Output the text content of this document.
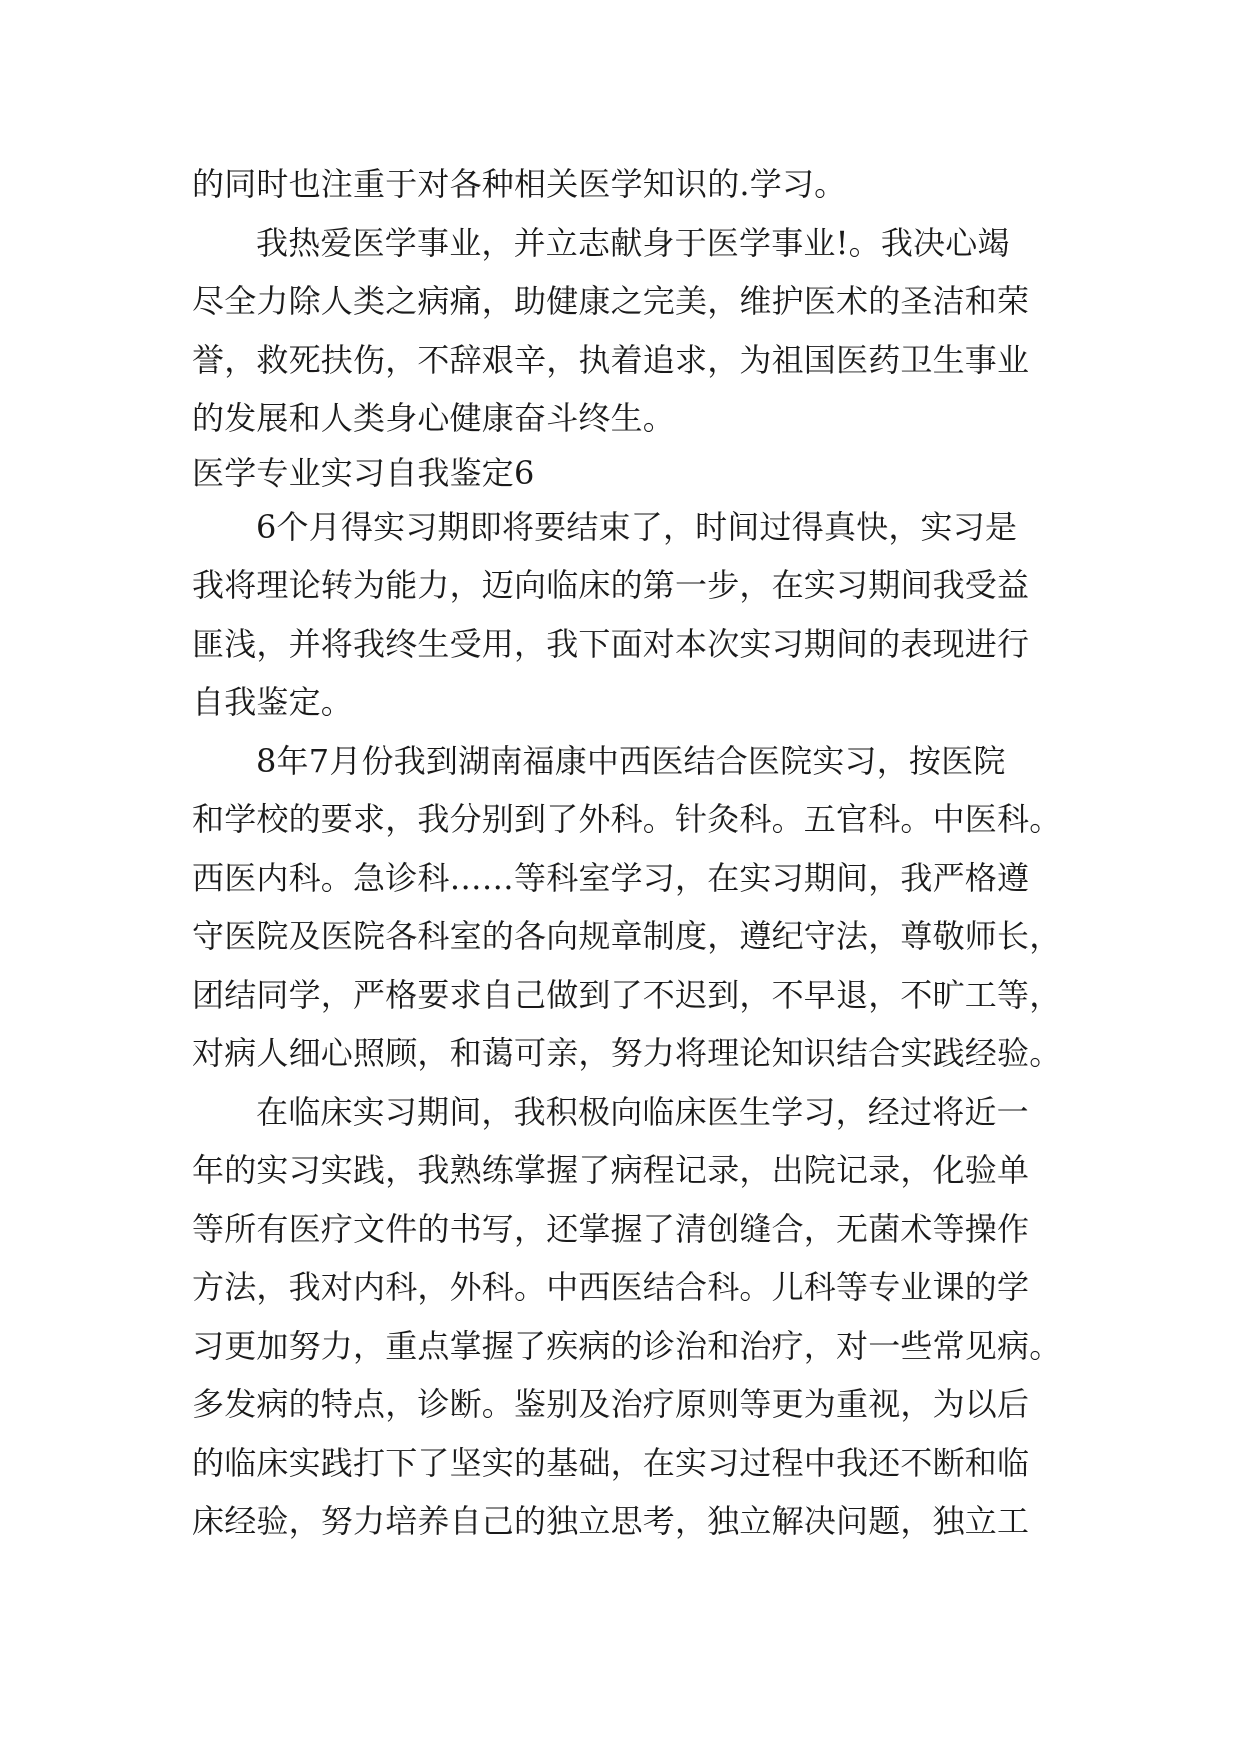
的同时也注重于对各种相关医学知识的.学习。
我热爱医学事业，并立志献身于医学事业!。我决心竭
尽全力除人类之病痛，助健康之完美，维护医术的圣洁和荣
誉，救死扶伤，不辞艰辛，执着追求，为祖国医药卫生事业
的发展和人类身心健康奋斗终生。
医学专业实习自我鉴定6
6个月得实习期即将要结束了，时间过得真快，实习是
我将理论转为能力，迈向临床的第一步，在实习期间我受益
匪浅，并将我终生受用，我下面对本次实习期间的表现进行
自我鉴定。
8年7月份我到湖南福康中西医结合医院实习，按医院
和学校的要求，我分别到了外科。针灸科。五官科。中医科。
西医内科。急诊科……等科室学习，在实习期间，我严格遵
守医院及医院各科室的各向规章制度，遵纪守法，尊敬师长，
团结同学，严格要求自己做到了不迟到，不早退，不旷工等，
对病人细心照顾，和蔼可亲，努力将理论知识结合实践经验。
在临床实习期间，我积极向临床医生学习，经过将近一
年的实习实践，我熟练掌握了病程记录，出院记录，化验单
等所有医疗文件的书写，还掌握了清创缝合，无菌术等操作
方法，我对内科，外科。中西医结合科。儿科等专业课的学
习更加努力，重点掌握了疾病的诊治和治疗，对一些常见病。
多发病的特点，诊断。鉴别及治疗原则等更为重视，为以后
的临床实践打下了坚实的基础，在实习过程中我还不断和临
床经验，努力培养自己的独立思考，独立解决问题，独立工
